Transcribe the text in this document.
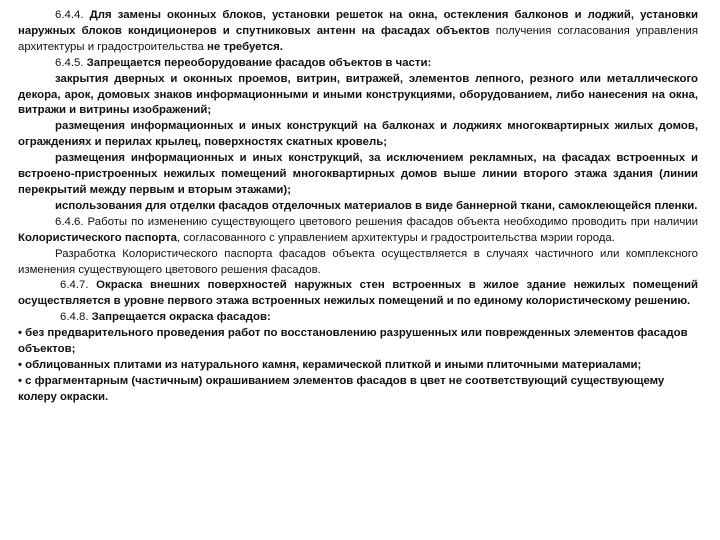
6.4.4. Для замены оконных блоков, установки решеток на окна, остекления балконов и лоджий, установки наружных блоков кондиционеров и спутниковых антенн на фасадах объектов получения согласования управления архитектуры и градостроительства не требуется.

6.4.5. Запрещается переоборудование фасадов объектов в части:

закрытия дверных и оконных проемов, витрин, витражей, элементов лепного, резного или металлического декора, арок, домовых знаков информационными и иными конструкциями, оборудованием, либо нанесения на окна, витражи и витрины изображений;

размещения информационных и иных конструкций на балконах и лоджиях многоквартирных жилых домов, ограждениях и перилах крылец, поверхностях скатных кровель;

размещения информационных и иных конструкций, за исключением рекламных, на фасадах встроенных и встроено-пристроенных нежилых помещений многоквартирных домов выше линии второго этажа здания (линии перекрытий между первым и вторым этажами);

использования для отделки фасадов отделочных материалов в виде баннерной ткани, самоклеющейся пленки.

6.4.6. Работы по изменению существующего цветового решения фасадов объекта необходимо проводить при наличии Колористического паспорта, согласованного с управлением архитектуры и градостроительства мэрии города.

Разработка Колористического паспорта фасадов объекта осуществляется в случаях частичного или комплексного изменения существующего цветового решения фасадов.

6.4.7. Окраска внешних поверхностей наружных стен встроенных в жилое здание нежилых помещений осуществляется в уровне первого этажа встроенных нежилых помещений и по единому колористическому решению.

6.4.8. Запрещается окраска фасадов:

• без предварительного проведения работ по восстановлению разрушенных или поврежденных элементов фасадов объектов;

• облицованных плитами из натурального камня, керамической плиткой и иными плиточными материалами;

• с фрагментарным (частичным) окрашиванием элементов фасадов в цвет не соответствующий существующему колеру окраски.
